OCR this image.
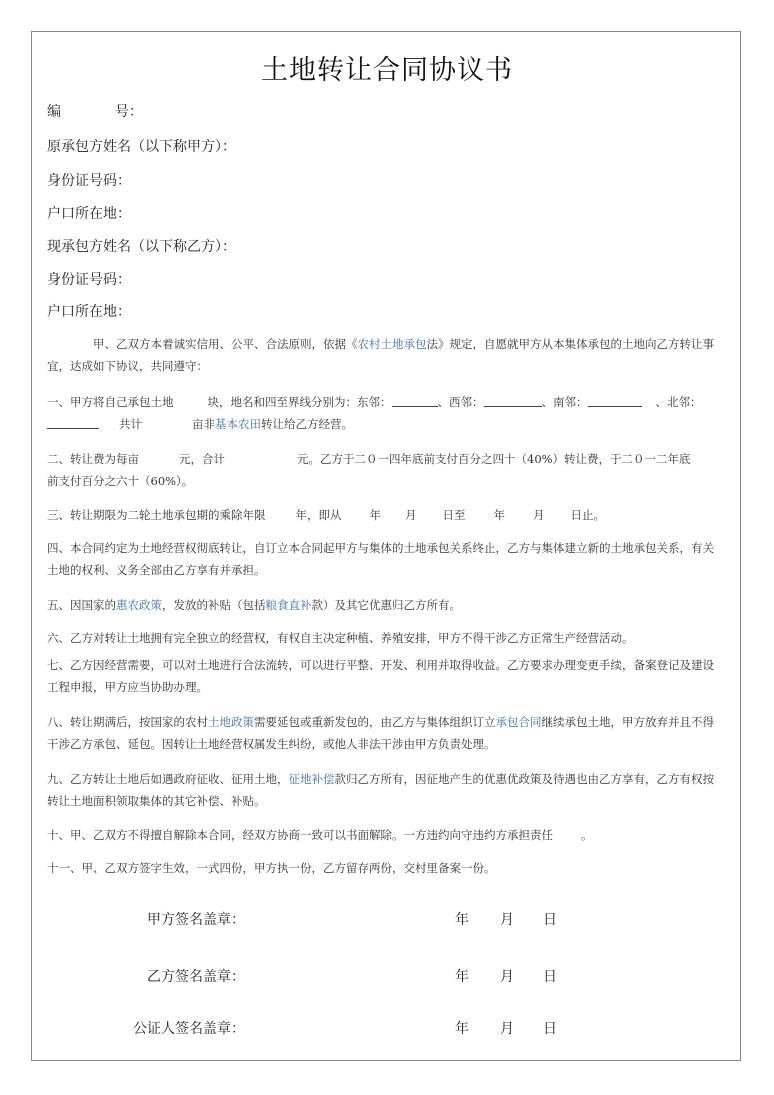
土地转让合同协议书
编	号：
原承包方姓名（以下称甲方）：
身份证号码：
户口所在地：
现承包方姓名（以下称乙方）：
身份证号码：
户口所在地：
甲、乙双方本着诚实信用、公平、合法原则，依据《农村土地承包法》规定，自愿就甲方从本集体承包的土地向乙方转让事
宜，达成如下协议，共同遵守：
一、甲方将自己承包土地	块，地名和四至界线分别为：东邻：	、西邻：	、南邻：	、北邻：
共计	亩非基本农田转让给乙方经营。
二、转让费为每亩	元，合计	元。乙方于二０一四年底前支付百分之四十（40%）转让费，于二０一二年底
前支付百分之六十（60%）。
三、转让期限为二轮土地承包期的乘除年限	年，即从 年 月 日至 年 月 日止。
四、本合同约定为土地经营权彻底转让，自订立本合同起甲方与集体的土地承包关系终止，乙方与集体建立新的土地承包关系，有关
土地的权利、义务全部由乙方享有并承担。
五、因国家的惠农政策，发放的补贴（包括粮食直补款）及其它优惠归乙方所有。
六、乙方对转让土地拥有完全独立的经营权，有权自主决定种植、养殖安排，甲方不得干涉乙方正常生产经营活动。
七、乙方因经营需要，可以对土地进行合法流转，可以进行平整、开发、利用并取得收益。乙方要求办理变更手续，备案登记及建设
工程申报，甲方应当协助办理。
八、转让期满后，按国家的农村土地政策需要延包或重新发包的，由乙方与集体组织订立承包合同继续承包土地，甲方放弃并且不得
干涉乙方承包、延包。因转让土地经营权属发生纠纷，或他人非法干涉由甲方负责处理。
九、乙方转让土地后如遇政府征收、征用土地，征地补偿款归乙方所有，因征地产生的优惠优政策及待遇也由乙方享有，乙方有权按
转让土地面积领取集体的其它补偿、补贴。
十、甲、乙双方不得擅自解除本合同，经双方协商一致可以书面解除。一方违约向守违约方承担责任 。
十一、甲、乙双方签字生效，一式四份，甲方执一份，乙方留存两份，交村里备案一份。
甲方签名盖章：	年 月 日
乙方签名盖章：	年 月 日
公证人签名盖章：	年 月 日
